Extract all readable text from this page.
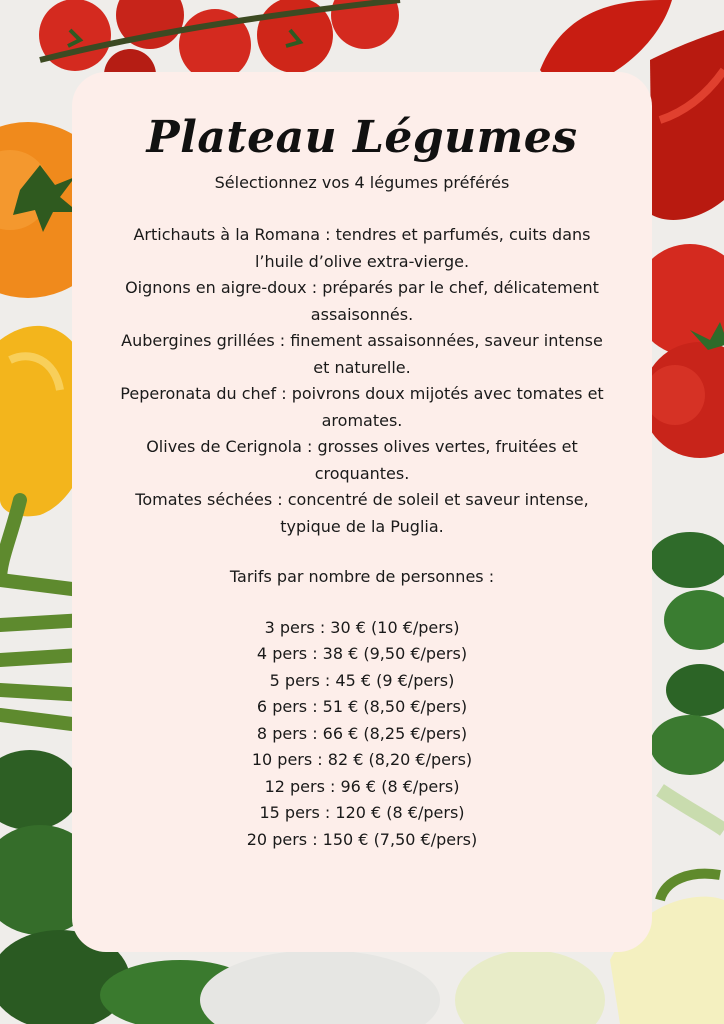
Plateau Légumes
Sélectionnez vos 4 légumes préférés
Artichauts à la Romana : tendres et parfumés, cuits dans l’huile d’olive extra-vierge.
Oignons en aigre-doux : préparés par le chef, délicatement assaisonnés.
Aubergines grillées : finement assaisonnées, saveur intense et naturelle.
Peperonata du chef : poivrons doux mijotés avec tomates et aromates.
Olives de Cerignola : grosses olives vertes, fruitées et croquantes.
Tomates séchées : concentré de soleil et saveur intense, typique de la Puglia.
Tarifs par nombre de personnes :
3 pers : 30 € (10 €/pers)
4 pers : 38 € (9,50 €/pers)
5 pers : 45 € (9 €/pers)
6 pers : 51 € (8,50 €/pers)
8 pers : 66 € (8,25 €/pers)
10 pers : 82 € (8,20 €/pers)
12 pers : 96 € (8 €/pers)
15 pers : 120 € (8 €/pers)
20 pers : 150 € (7,50 €/pers)
